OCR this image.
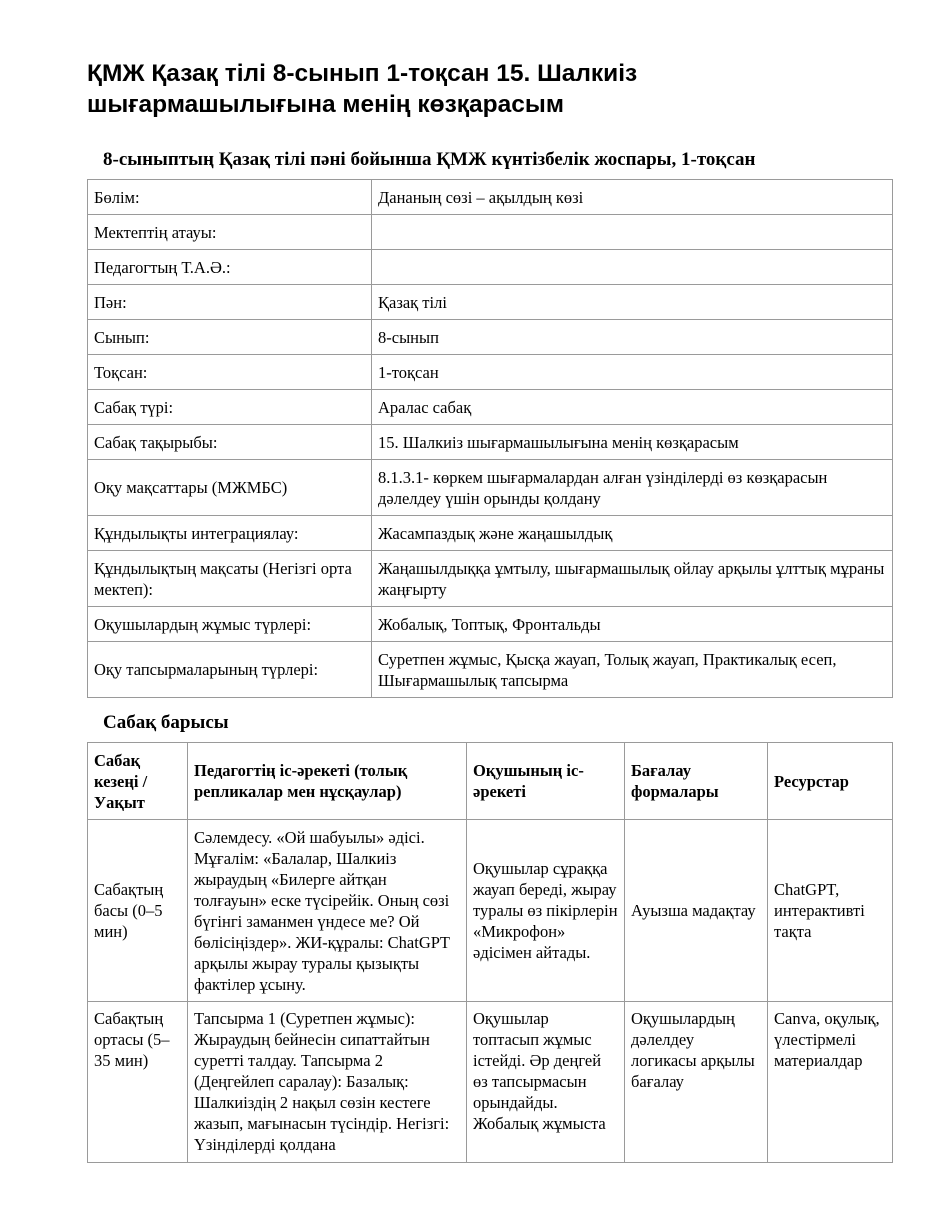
ҚМЖ Қазақ тілі 8-сынып 1-тоқсан 15. Шалкиіз шығармашылығына менің көзқарасым
8-сыныптың Қазақ тілі пәні бойынша ҚМЖ күнтізбелік жоспары, 1-тоқсан
Бөлім:	Дананың сөзі – ақылдың көзі
Мектептің атауы:	
Педагогтың Т.А.Ә.:	
Пән:	Қазақ тілі
Сынып:	8-сынып
Тоқсан:	1-тоқсан
Сабақ түрі:	Аралас сабақ
Сабақ тақырыбы:	15. Шалкиіз шығармашылығына менің көзқарасым
Оқу мақсаттары (МЖМБС)	8.1.3.1- көркем шығармалардан алған үзінділерді өз көзқарасын дәлелдеу үшін орынды қолдану
Құндылықты интеграциялау:	Жасампаздық және жаңашылдық
Құндылықтың мақсаты (Негізгі орта мектеп):	Жаңашылдыққа ұмтылу, шығармашылық ойлау арқылы ұлттық мұраны жаңғырту
Оқушылардың жұмыс түрлері:	Жобалық, Топтық, Фронтальды
Оқу тапсырмаларының түрлері:	Суретпен жұмыс, Қысқа жауап, Толық жауап, Практикалық есеп, Шығармашылық тапсырма
Сабақ барысы
Сабақ кезеңі / Уақыт	Педагогтің іс-әрекеті (толық репликалар мен нұсқаулар)	Оқушының іс-әрекеті	Бағалау формалары	Ресурстар
Сабақтың басы (0–5 мин)	Сәлемдесу. «Ой шабуылы» әдісі. Мұғалім: «Балалар, Шалкиіз жыраудың «Билерге айтқан толғауын» еске түсірейік. Оның сөзі бүгінгі заманмен үндесе ме? Ой бөлісіңіздер». ЖИ-құралы: ChatGPT арқылы жырау туралы қызықты фактілер ұсыну.	Оқушылар сұраққа жауап береді, жырау туралы өз пікірлерін «Микрофон» әдісімен айтады.	Ауызша мадақтау	ChatGPT, интерактивті тақта
Сабақтың ортасы (5–35 мин)	Тапсырма 1 (Суретпен жұмыс): Жыраудың бейнесін сипаттайтын суретті талдау. Тапсырма 2 (Деңгейлеп саралау): Базалық: Шалкиіздің 2 нақыл сөзін кестеге жазып, мағынасын түсіндір. Негізгі: Үзінділерді қолдана	Оқушылар топтасып жұмыс істейді. Әр деңгей өз тапсырмасын орындайды. Жобалық жұмыста	Оқушылардың дәлелдеу логикасы арқылы бағалау	Canva, оқулық, үлестірмелі материалдар
